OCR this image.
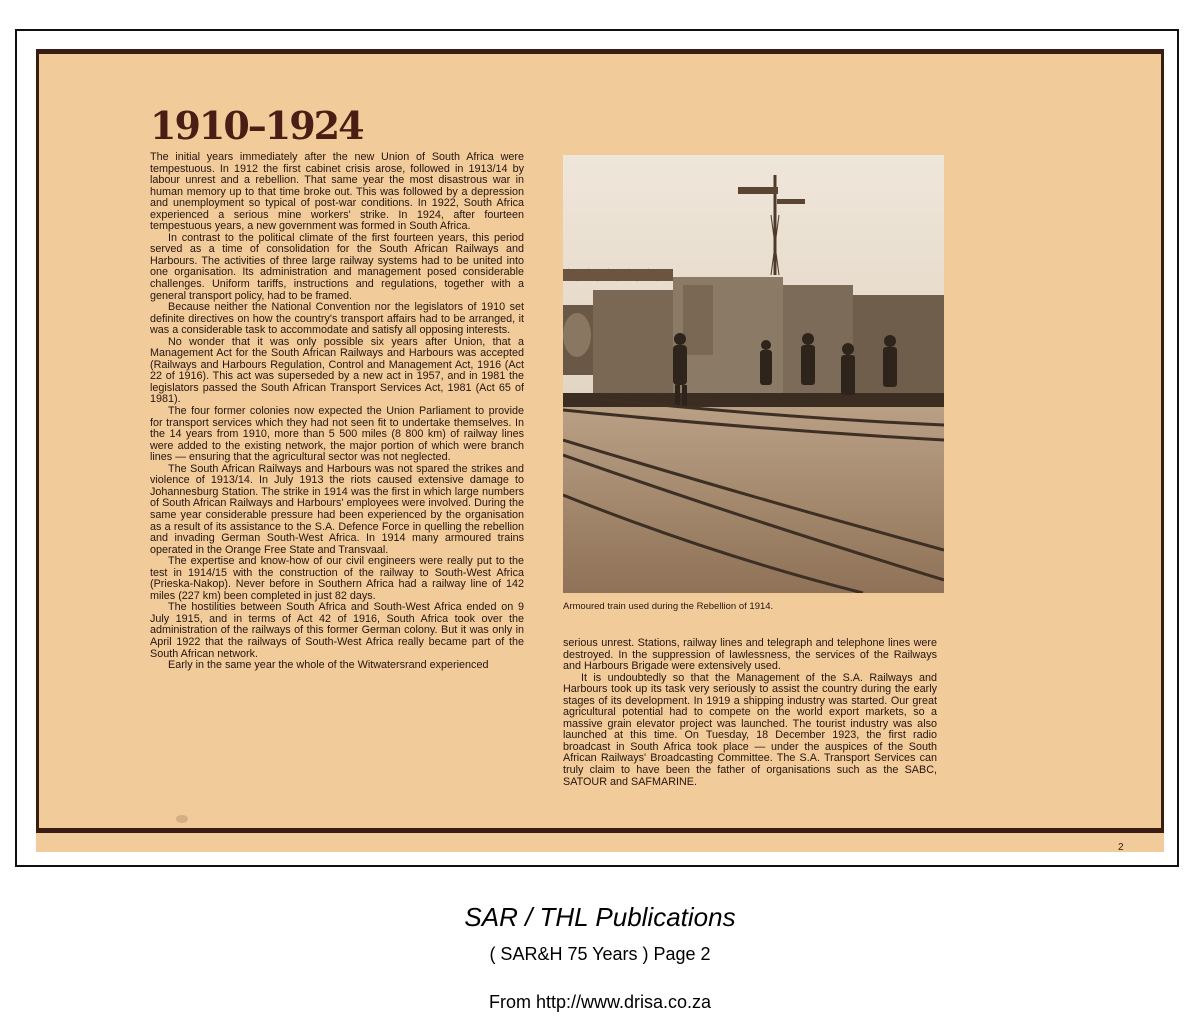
1910–1924

The initial years immediately after the new Union of South Africa were tempestuous. In 1912 the first cabinet crisis arose, followed in 1913/14 by labour unrest and a rebellion. That same year the most disastrous war in human memory up to that time broke out. This was followed by a depression and unemployment so typical of post-war conditions. In 1922, South Africa experienced a serious mine workers' strike. In 1924, after fourteen tempestuous years, a new government was formed in South Africa.

In contrast to the political climate of the first fourteen years, this period served as a time of consolidation for the South African Railways and Harbours. The activities of three large railway systems had to be united into one organisation. Its administration and management posed considerable challenges. Uniform tariffs, instructions and regulations, together with a general transport policy, had to be framed.

Because neither the National Convention nor the legislators of 1910 set definite directives on how the country's transport affairs had to be arranged, it was a considerable task to accommodate and satisfy all opposing interests.

No wonder that it was only possible six years after Union, that a Management Act for the South African Railways and Harbours was accepted (Railways and Harbours Regulation, Control and Management Act, 1916 (Act 22 of 1916). This act was superseded by a new act in 1957, and in 1981 the legislators passed the South African Transport Services Act, 1981 (Act 65 of 1981).

The four former colonies now expected the Union Parliament to provide for transport services which they had not seen fit to undertake themselves. In the 14 years from 1910, more than 5 500 miles (8 800 km) of railway lines were added to the existing network, the major portion of which were branch lines — ensuring that the agricultural sector was not neglected.

The South African Railways and Harbours was not spared the strikes and violence of 1913/14. In July 1913 the riots caused extensive damage to Johannesburg Station. The strike in 1914 was the first in which large numbers of South African Railways and Harbours' employees were involved. During the same year considerable pressure had been experienced by the organisation as a result of its assistance to the S.A. Defence Force in quelling the rebellion and invading German South-West Africa. In 1914 many armoured trains operated in the Orange Free State and Transvaal.

The expertise and know-how of our civil engineers were really put to the test in 1914/15 with the construction of the railway to South-West Africa (Prieska-Nakop). Never before in Southern Africa had a railway line of 142 miles (227 km) been completed in just 82 days.

The hostilities between South Africa and South-West Africa ended on 9 July 1915, and in terms of Act 42 of 1916, South Africa took over the administration of the railways of this former German colony. But it was only in April 1922 that the railways of South-West Africa really became part of the South African network.

Early in the same year the whole of the Witwatersrand experienced

Armoured train used during the Rebellion of 1914.

serious unrest. Stations, railway lines and telegraph and telephone lines were destroyed. In the suppression of lawlessness, the services of the Railways and Harbours Brigade were extensively used.

It is undoubtedly so that the Management of the S.A. Railways and Harbours took up its task very seriously to assist the country during the early stages of its development. In 1919 a shipping industry was started. Our great agricultural potential had to compete on the world export markets, so a massive grain elevator project was launched. The tourist industry was also launched at this time. On Tuesday, 18 December 1923, the first radio broadcast in South Africa took place — under the auspices of the South African Railways' Broadcasting Committee. The S.A. Transport Services can truly claim to have been the father of organisations such as the SABC, SATOUR and SAFMARINE.

2
SAR / THL Publications
( SAR&H 75 Years ) Page 2
From http://www.drisa.co.za
